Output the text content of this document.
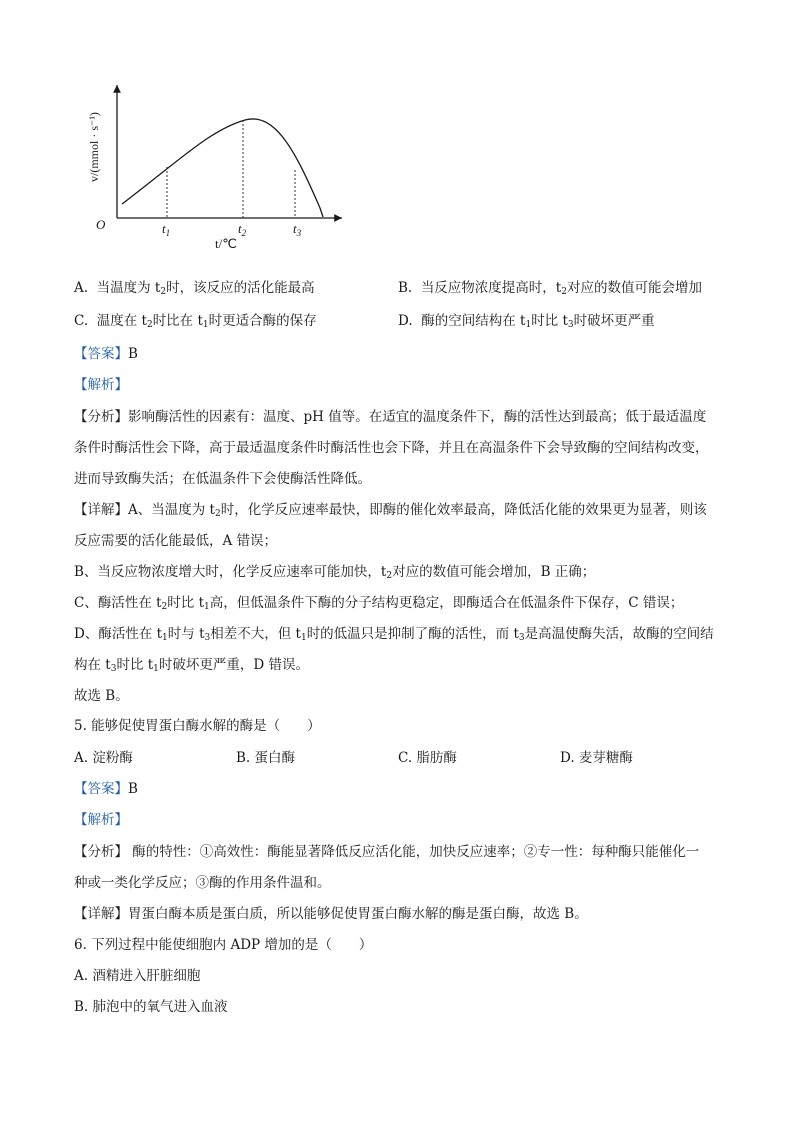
O	$t_1$	$t_2$	$t_3$
t/℃
v/(mmol · s⁻¹)
A. 当温度为 $t_2$时，该反应的活化能最高	B. 当反应物浓度提高时，$t_2$对应的数值可能会增加
C. 温度在 $t_2$时比在 $t_1$时更适合酶的保存	D. 酶的空间结构在 $t_1$时比 $t_3$时破坏更严重
【答案】B
【解析】
【分析】影响酶活性的因素有：温度、pH 值等。在适宜的温度条件下，酶的活性达到最高；低于最适温度
条件时酶活性会下降，高于最适温度条件时酶活性也会下降，并且在高温条件下会导致酶的空间结构改变，
进而导致酶失活；在低温条件下会使酶活性降低。
【详解】A、当温度为 $t_2$时，化学反应速率最快，即酶的催化效率最高，降低活化能的效果更为显著，则该
反应需要的活化能最低，A 错误；
B、当反应物浓度增大时，化学反应速率可能加快，$t_2$对应的数值可能会增加，B 正确；
C、酶活性在 $t_2$时比 $t_1$高，但低温条件下酶的分子结构更稳定，即酶适合在低温条件下保存，C 错误；
D、酶活性在 $t_1$时与 $t_3$相差不大，但 $t_1$时的低温只是抑制了酶的活性，而 $t_3$是高温使酶失活，故酶的空间结
构在 $t_3$时比 $t_1$时破坏更严重，D 错误。
故选 B。
5. 能够促使胃蛋白酶水解的酶是（　　）
A. 淀粉酶	B. 蛋白酶	C. 脂肪酶	D. 麦芽糖酶
【答案】B
【解析】
【分析】 酶的特性：①高效性：酶能显著降低反应活化能，加快反应速率；②专一性：每种酶只能催化一
种或一类化学反应；③酶的作用条件温和。
【详解】胃蛋白酶本质是蛋白质，所以能够促使胃蛋白酶水解的酶是蛋白酶，故选 B。
6. 下列过程中能使细胞内 ADP 增加的是（　　）
A. 酒精进入肝脏细胞
B. 肺泡中的氧气进入血液
